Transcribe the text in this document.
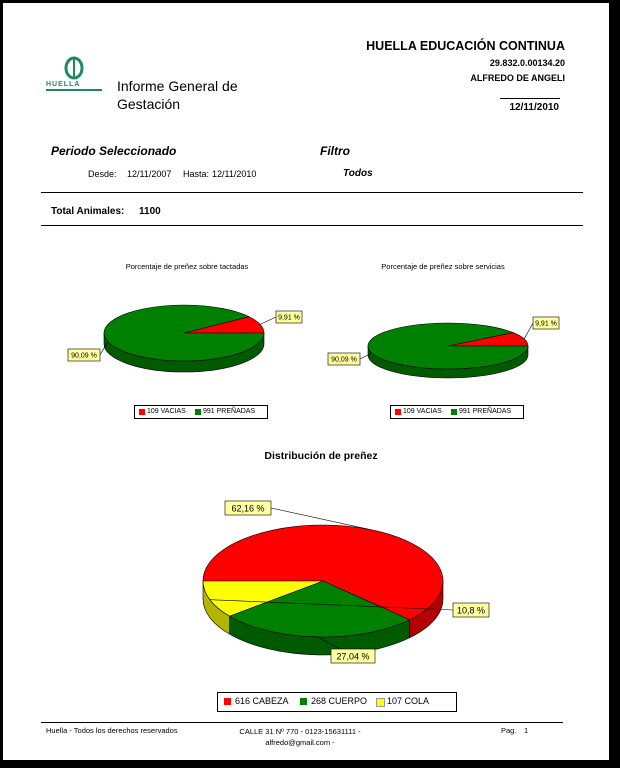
HUELLA	Informe General de
Gestación
HUELLA EDUCACIÓN CONTINUA
29.832.0.00134.20
ALFREDO DE ANGELI
12/11/2010
Periodo Seleccionado	Filtro
Desde: 12/11/2007 Hasta: 12/11/2010	Todos
Total Animales: 1100
Porcentaje de preñez sobre tactadas
9,91 %
90,09 %
109 VACIAS 991 PREÑADAS
Porcentaje de preñez sobre servicias
9,91 %
90,09 %
109 VACIAS 991 PREÑADAS
Distribución de preñez
62,16 %
27,04 %
10,8 %
616 CABEZA 268 CUERPO 107 COLA
Huella - Todos los derechos reservados	CALLE 31 Nº 770 - 0123-15631111 -
alfredo@gmail.com -
Pag. 1
